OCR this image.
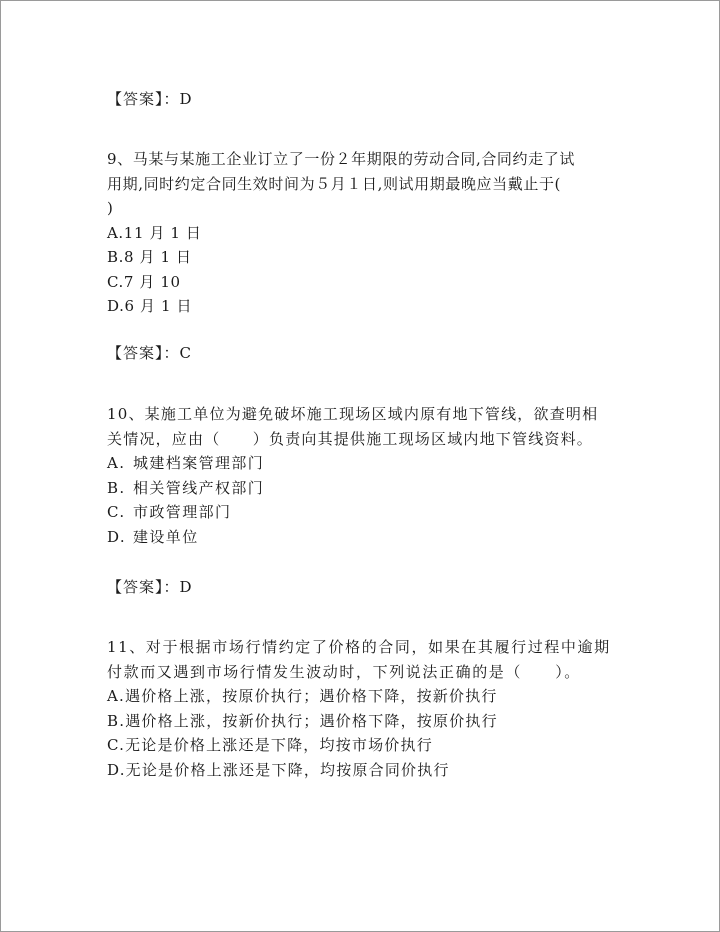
【答案】：D
9、马某与某施工企业订立了一份２年期限的劳动合同,合同约走了试
用期,同时约定合同生效时间为５月１日,则试用期最晚应当戴止于(
)
A.11 月 1 日
B.8 月 1 日
C.7 月 10
D.6 月 1 日
【答案】：C
10、某施工单位为避免破坏施工现场区域内原有地下管线，欲查明相
关情况，应由（　　）负责向其提供施工现场区域内地下管线资料。
A. 城建档案管理部门
B. 相关管线产权部门
C. 市政管理部门
D. 建设单位
【答案】：D
11、对于根据市场行情约定了价格的合同，如果在其履行过程中逾期
付款而又遇到市场行情发生波动时，下列说法正确的是（　　）。
A.遇价格上涨，按原价执行；遇价格下降，按新价执行
B.遇价格上涨，按新价执行；遇价格下降，按原价执行
C.无论是价格上涨还是下降，均按市场价执行
D.无论是价格上涨还是下降，均按原合同价执行
